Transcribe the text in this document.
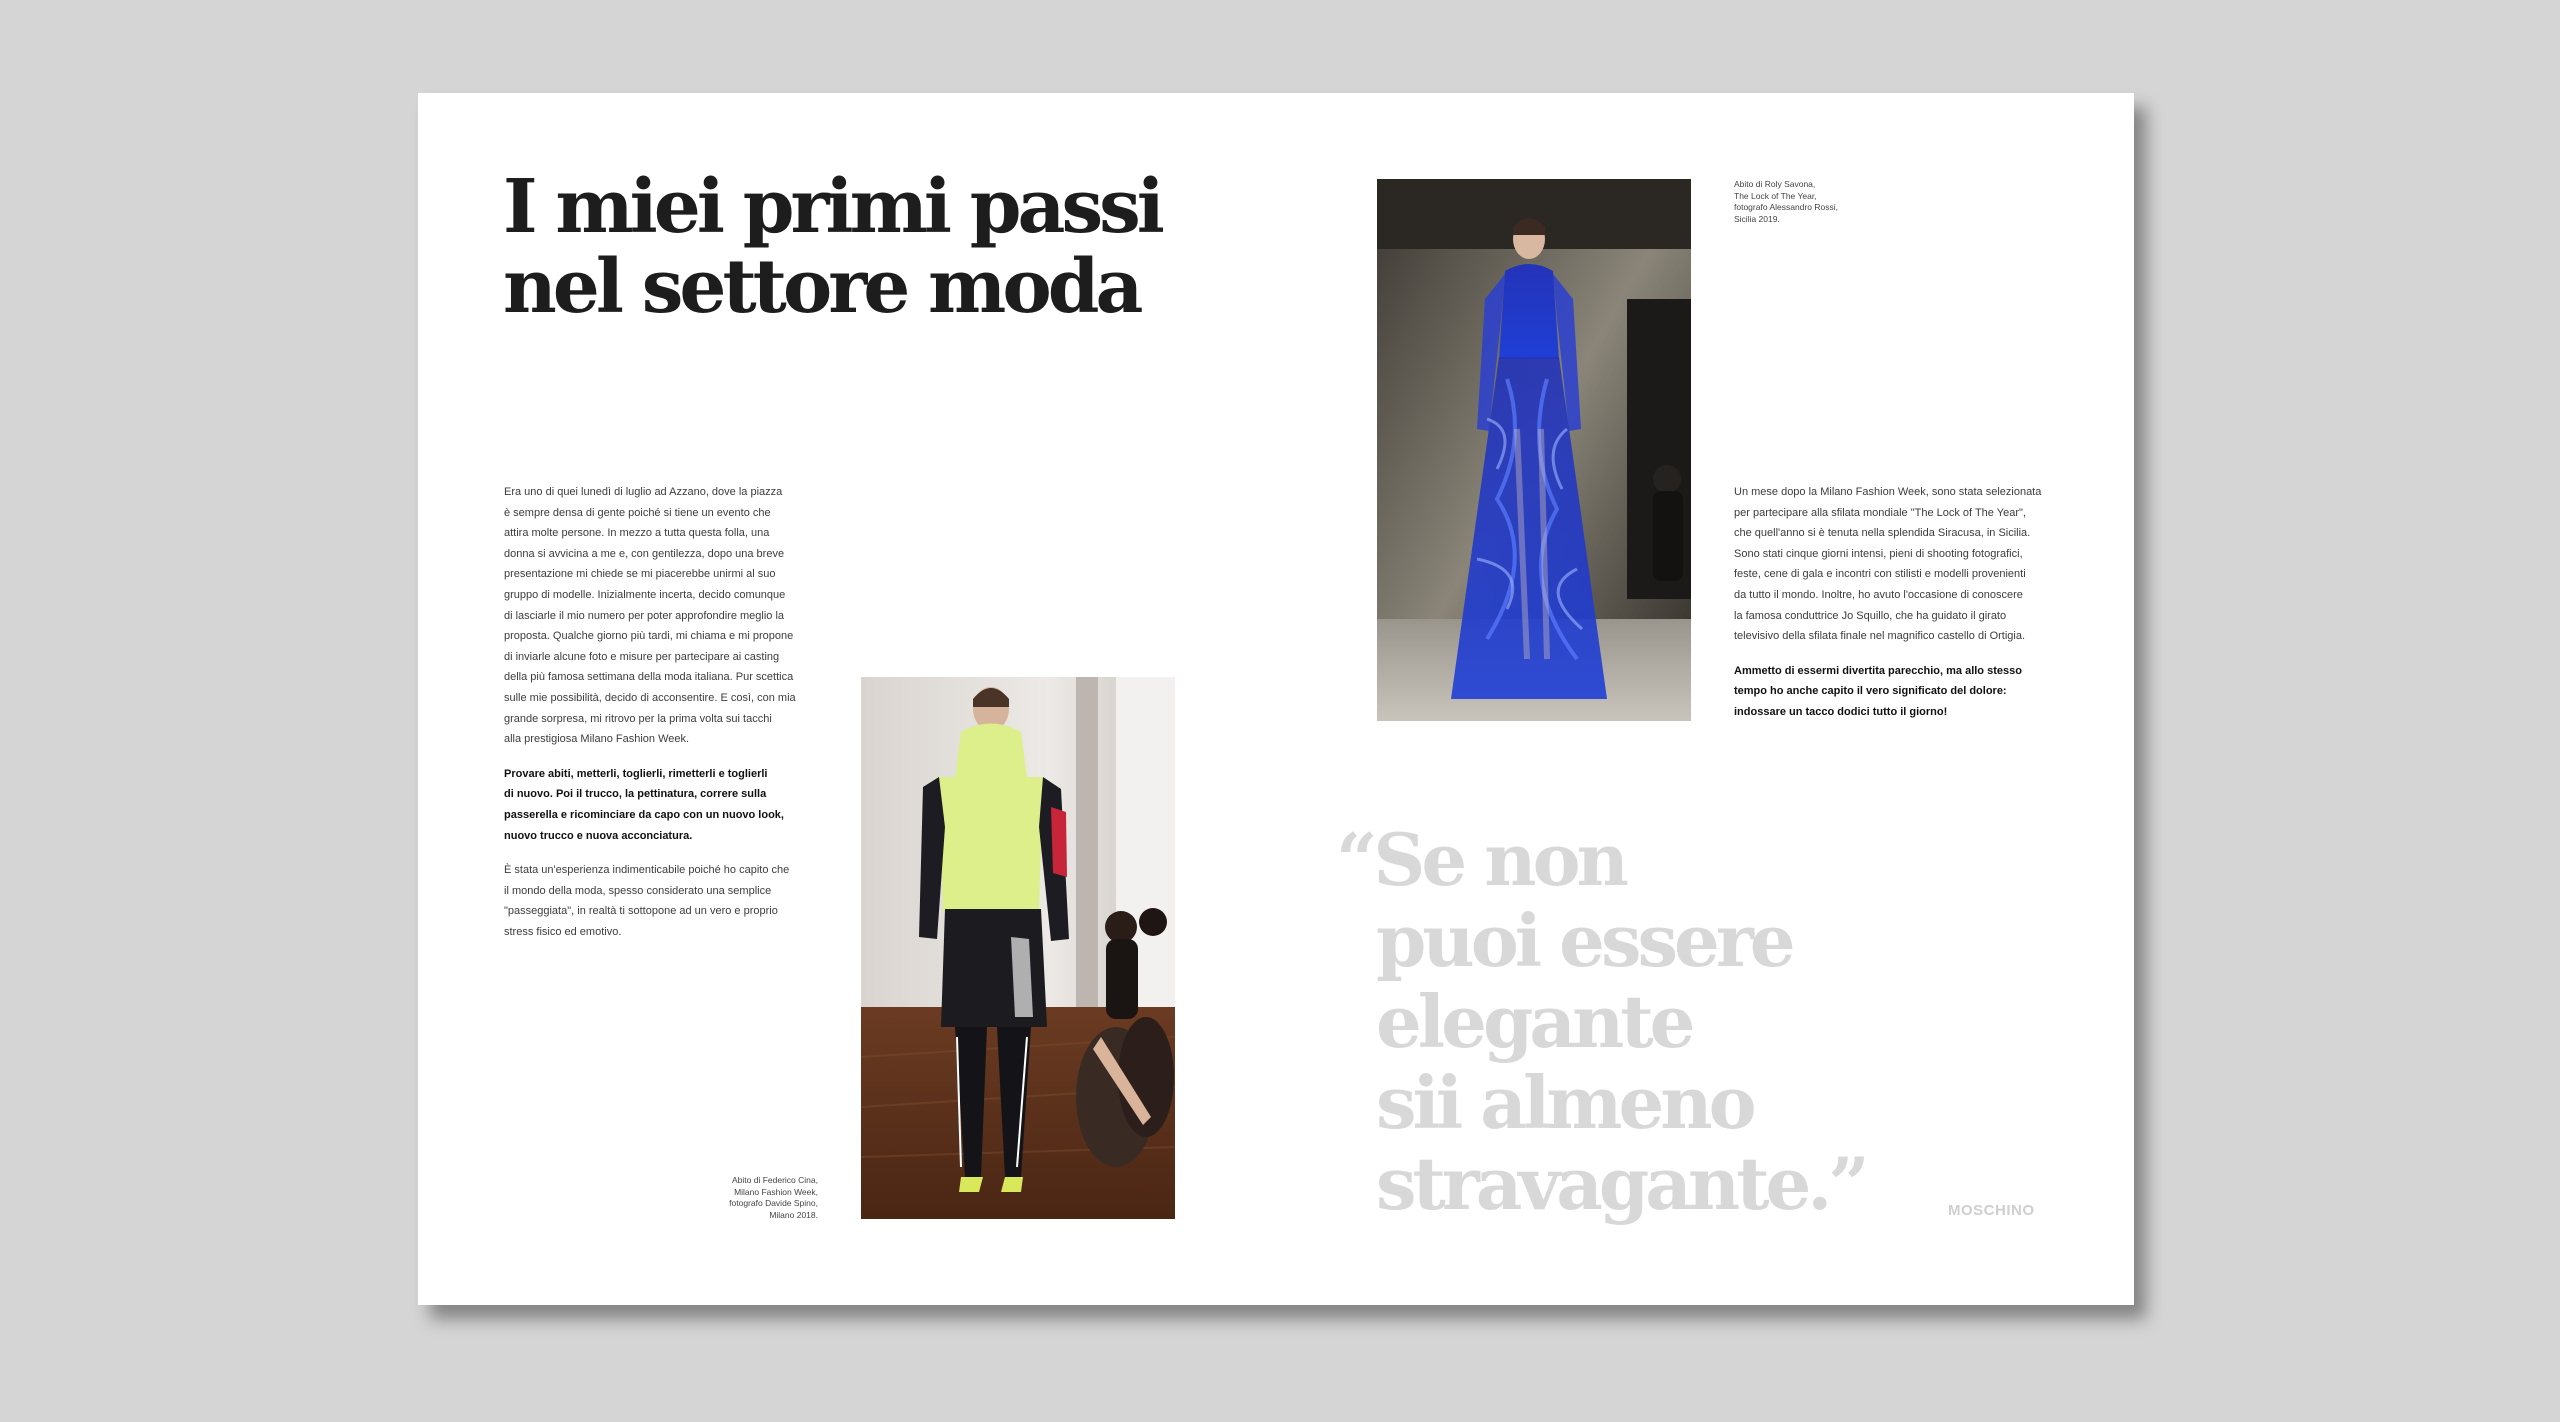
I miei primi passi
nel settore moda

Era uno di quei lunedì di luglio ad Azzano, dove la piazza
è sempre densa di gente poiché si tiene un evento che
attira molte persone. In mezzo a tutta questa folla, una
donna si avvicina a me e, con gentilezza, dopo una breve
presentazione mi chiede se mi piacerebbe unirmi al suo
gruppo di modelle. Inizialmente incerta, decido comunque
di lasciarle il mio numero per poter approfondire meglio la
proposta. Qualche giorno più tardi, mi chiama e mi propone
di inviarle alcune foto e misure per partecipare ai casting
della più famosa settimana della moda italiana. Pur scettica
sulle mie possibilità, decido di acconsentire. E così, con mia
grande sorpresa, mi ritrovo per la prima volta sui tacchi
alla prestigiosa Milano Fashion Week.

Provare abiti, metterli, toglierli, rimetterli e toglierli
di nuovo. Poi il trucco, la pettinatura, correre sulla
passerella e ricominciare da capo con un nuovo look,
nuovo trucco e nuova acconciatura.

È stata un'esperienza indimenticabile poiché ho capito che
il mondo della moda, spesso considerato una semplice
"passeggiata", in realtà ti sottopone ad un vero e proprio
stress fisico ed emotivo.

Abito di Federico Cina,
Milano Fashion Week,
fotografo Davide Spino,
Milano 2018.
Abito di Roly Savona,
The Lock of The Year,
fotografo Alessandro Rossi,
Sicilia 2019.

Un mese dopo la Milano Fashion Week, sono stata selezionata
per partecipare alla sfilata mondiale "The Lock of The Year",
che quell'anno si è tenuta nella splendida Siracusa, in Sicilia.
Sono stati cinque giorni intensi, pieni di shooting fotografici,
feste, cene di gala e incontri con stilisti e modelli provenienti
da tutto il mondo. Inoltre, ho avuto l'occasione di conoscere
la famosa conduttrice Jo Squillo, che ha guidato il girato
televisivo della sfilata finale nel magnifico castello di Ortigia.

Ammetto di essermi divertita parecchio, ma allo stesso
tempo ho anche capito il vero significato del dolore:
indossare un tacco dodici tutto il giorno!

“Se non
puoi essere
elegante
sii almeno
stravagante.”	MOSCHINO
